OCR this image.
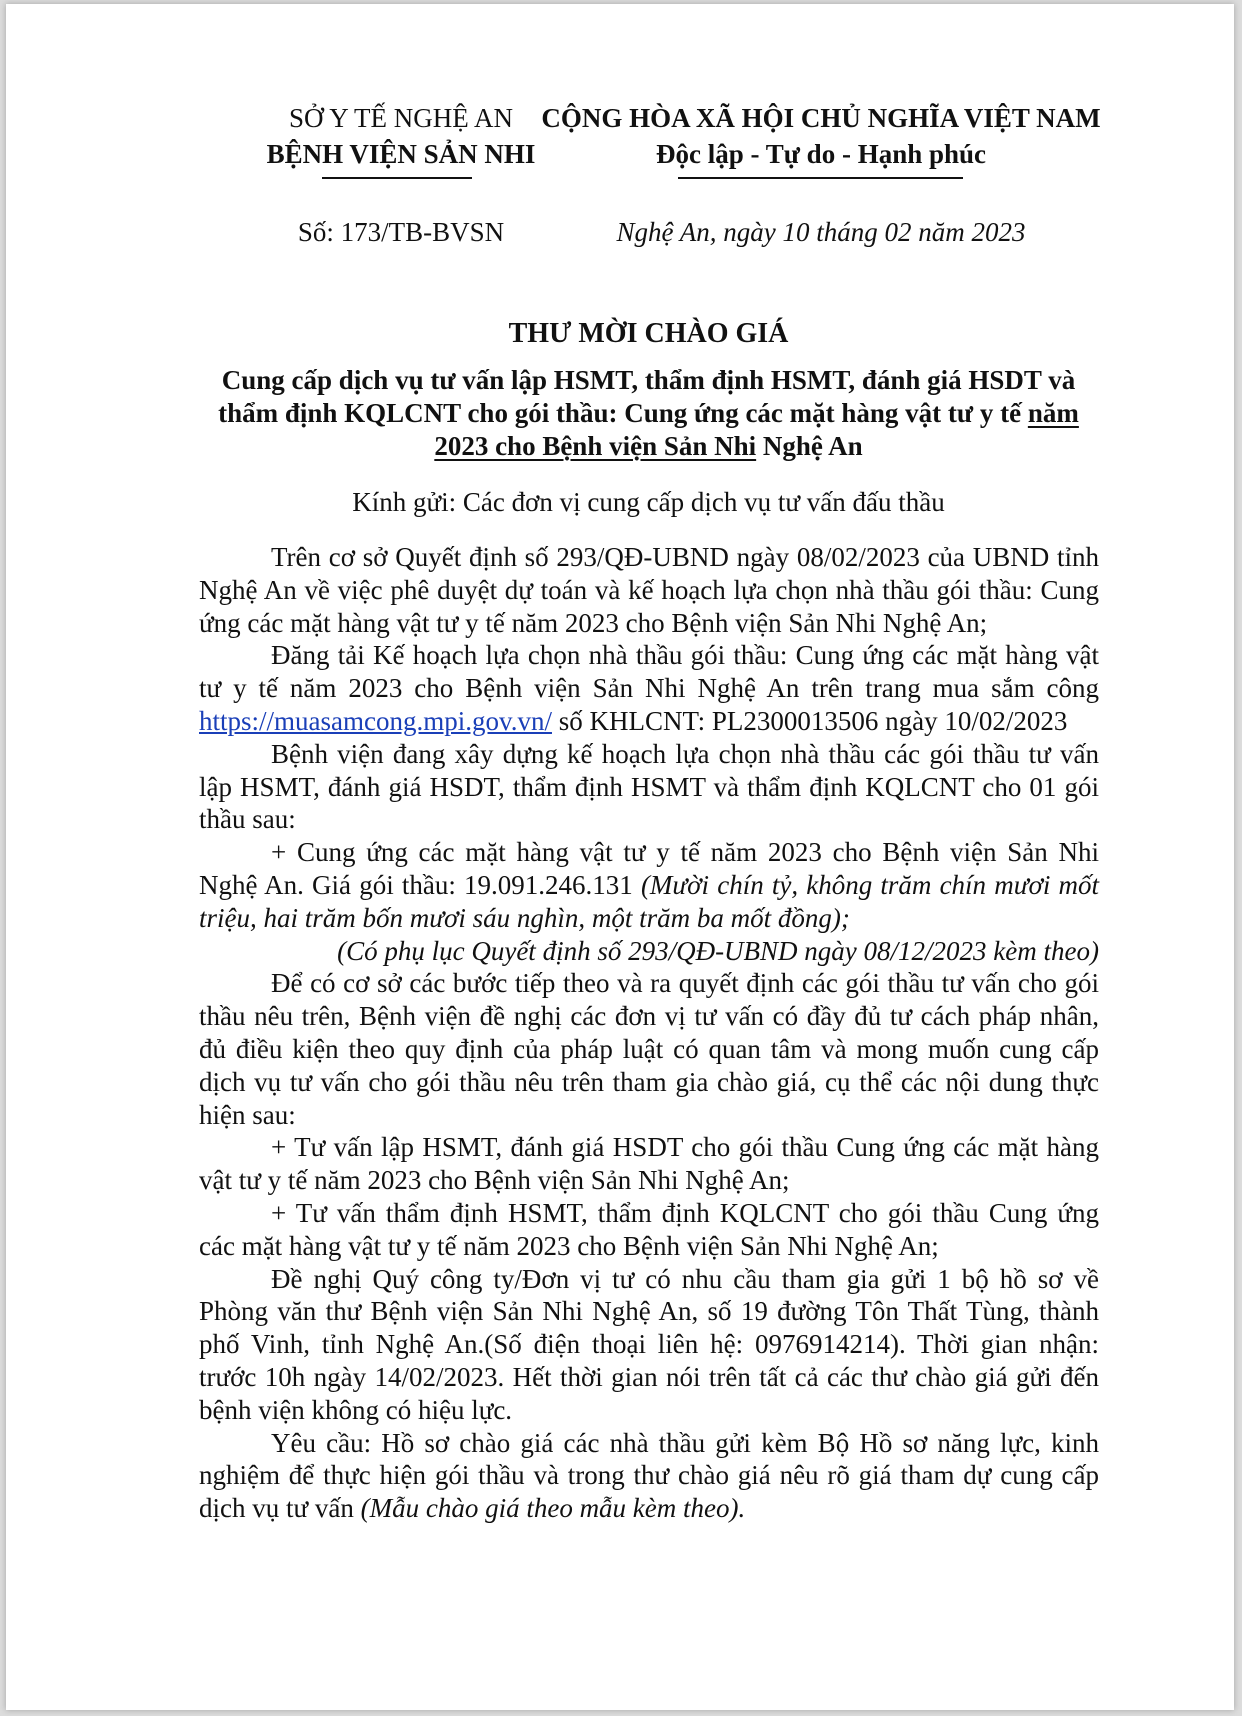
SỞ Y TẾ NGHỆ AN
BỆNH VIỆN SẢN NHI
CỘNG HÒA XÃ HỘI CHỦ NGHĨA VIỆT NAM
Độc lập - Tự do - Hạnh phúc
Số: 173/TB-BVSN	Nghệ An, ngày 10 tháng 02 năm 2023
THƯ MỜI CHÀO GIÁ
Cung cấp dịch vụ tư vấn lập HSMT, thẩm định HSMT, đánh giá HSDT và thẩm định KQLCNT cho gói thầu: Cung ứng các mặt hàng vật tư y tế năm 2023 cho Bệnh viện Sản Nhi Nghệ An
Kính gửi: Các đơn vị cung cấp dịch vụ tư vấn đấu thầu

Trên cơ sở Quyết định số 293/QĐ-UBND ngày 08/02/2023 của UBND tỉnh Nghệ An về việc phê duyệt dự toán và kế hoạch lựa chọn nhà thầu gói thầu: Cung ứng các mặt hàng vật tư y tế năm 2023 cho Bệnh viện Sản Nhi Nghệ An;

Đăng tải Kế hoạch lựa chọn nhà thầu gói thầu: Cung ứng các mặt hàng vật tư y tế năm 2023 cho Bệnh viện Sản Nhi Nghệ An trên trang mua sắm công https://muasamcong.mpi.gov.vn/ số KHLCNT: PL2300013506 ngày 10/02/2023

Bệnh viện đang xây dựng kế hoạch lựa chọn nhà thầu các gói thầu tư vấn lập HSMT, đánh giá HSDT, thẩm định HSMT và thẩm định KQLCNT cho 01 gói thầu sau:

+ Cung ứng các mặt hàng vật tư y tế năm 2023 cho Bệnh viện Sản Nhi Nghệ An. Giá gói thầu: 19.091.246.131 (Mười chín tỷ, không trăm chín mươi mốt triệu, hai trăm bốn mươi sáu nghìn, một trăm ba mốt đồng);

(Có phụ lục Quyết định số 293/QĐ-UBND ngày 08/12/2023 kèm theo)

Để có cơ sở các bước tiếp theo và ra quyết định các gói thầu tư vấn cho gói thầu nêu trên, Bệnh viện đề nghị các đơn vị tư vấn có đầy đủ tư cách pháp nhân, đủ điều kiện theo quy định của pháp luật có quan tâm và mong muốn cung cấp dịch vụ tư vấn cho gói thầu nêu trên tham gia chào giá, cụ thể các nội dung thực hiện sau:

+ Tư vấn lập HSMT, đánh giá HSDT cho gói thầu Cung ứng các mặt hàng vật tư y tế năm 2023 cho Bệnh viện Sản Nhi Nghệ An;

+ Tư vấn thẩm định HSMT, thẩm định KQLCNT cho gói thầu Cung ứng các mặt hàng vật tư y tế năm 2023 cho Bệnh viện Sản Nhi Nghệ An;

Đề nghị Quý công ty/Đơn vị tư có nhu cầu tham gia gửi 1 bộ hồ sơ về Phòng văn thư Bệnh viện Sản Nhi Nghệ An, số 19 đường Tôn Thất Tùng, thành phố Vinh, tỉnh Nghệ An.(Số điện thoại liên hệ: 0976914214). Thời gian nhận: trước 10h ngày 14/02/2023. Hết thời gian nói trên tất cả các thư chào giá gửi đến bệnh viện không có hiệu lực.

Yêu cầu: Hồ sơ chào giá các nhà thầu gửi kèm Bộ Hồ sơ năng lực, kinh nghiệm để thực hiện gói thầu và trong thư chào giá nêu rõ giá tham dự cung cấp dịch vụ tư vấn (Mẫu chào giá theo mẫu kèm theo).
